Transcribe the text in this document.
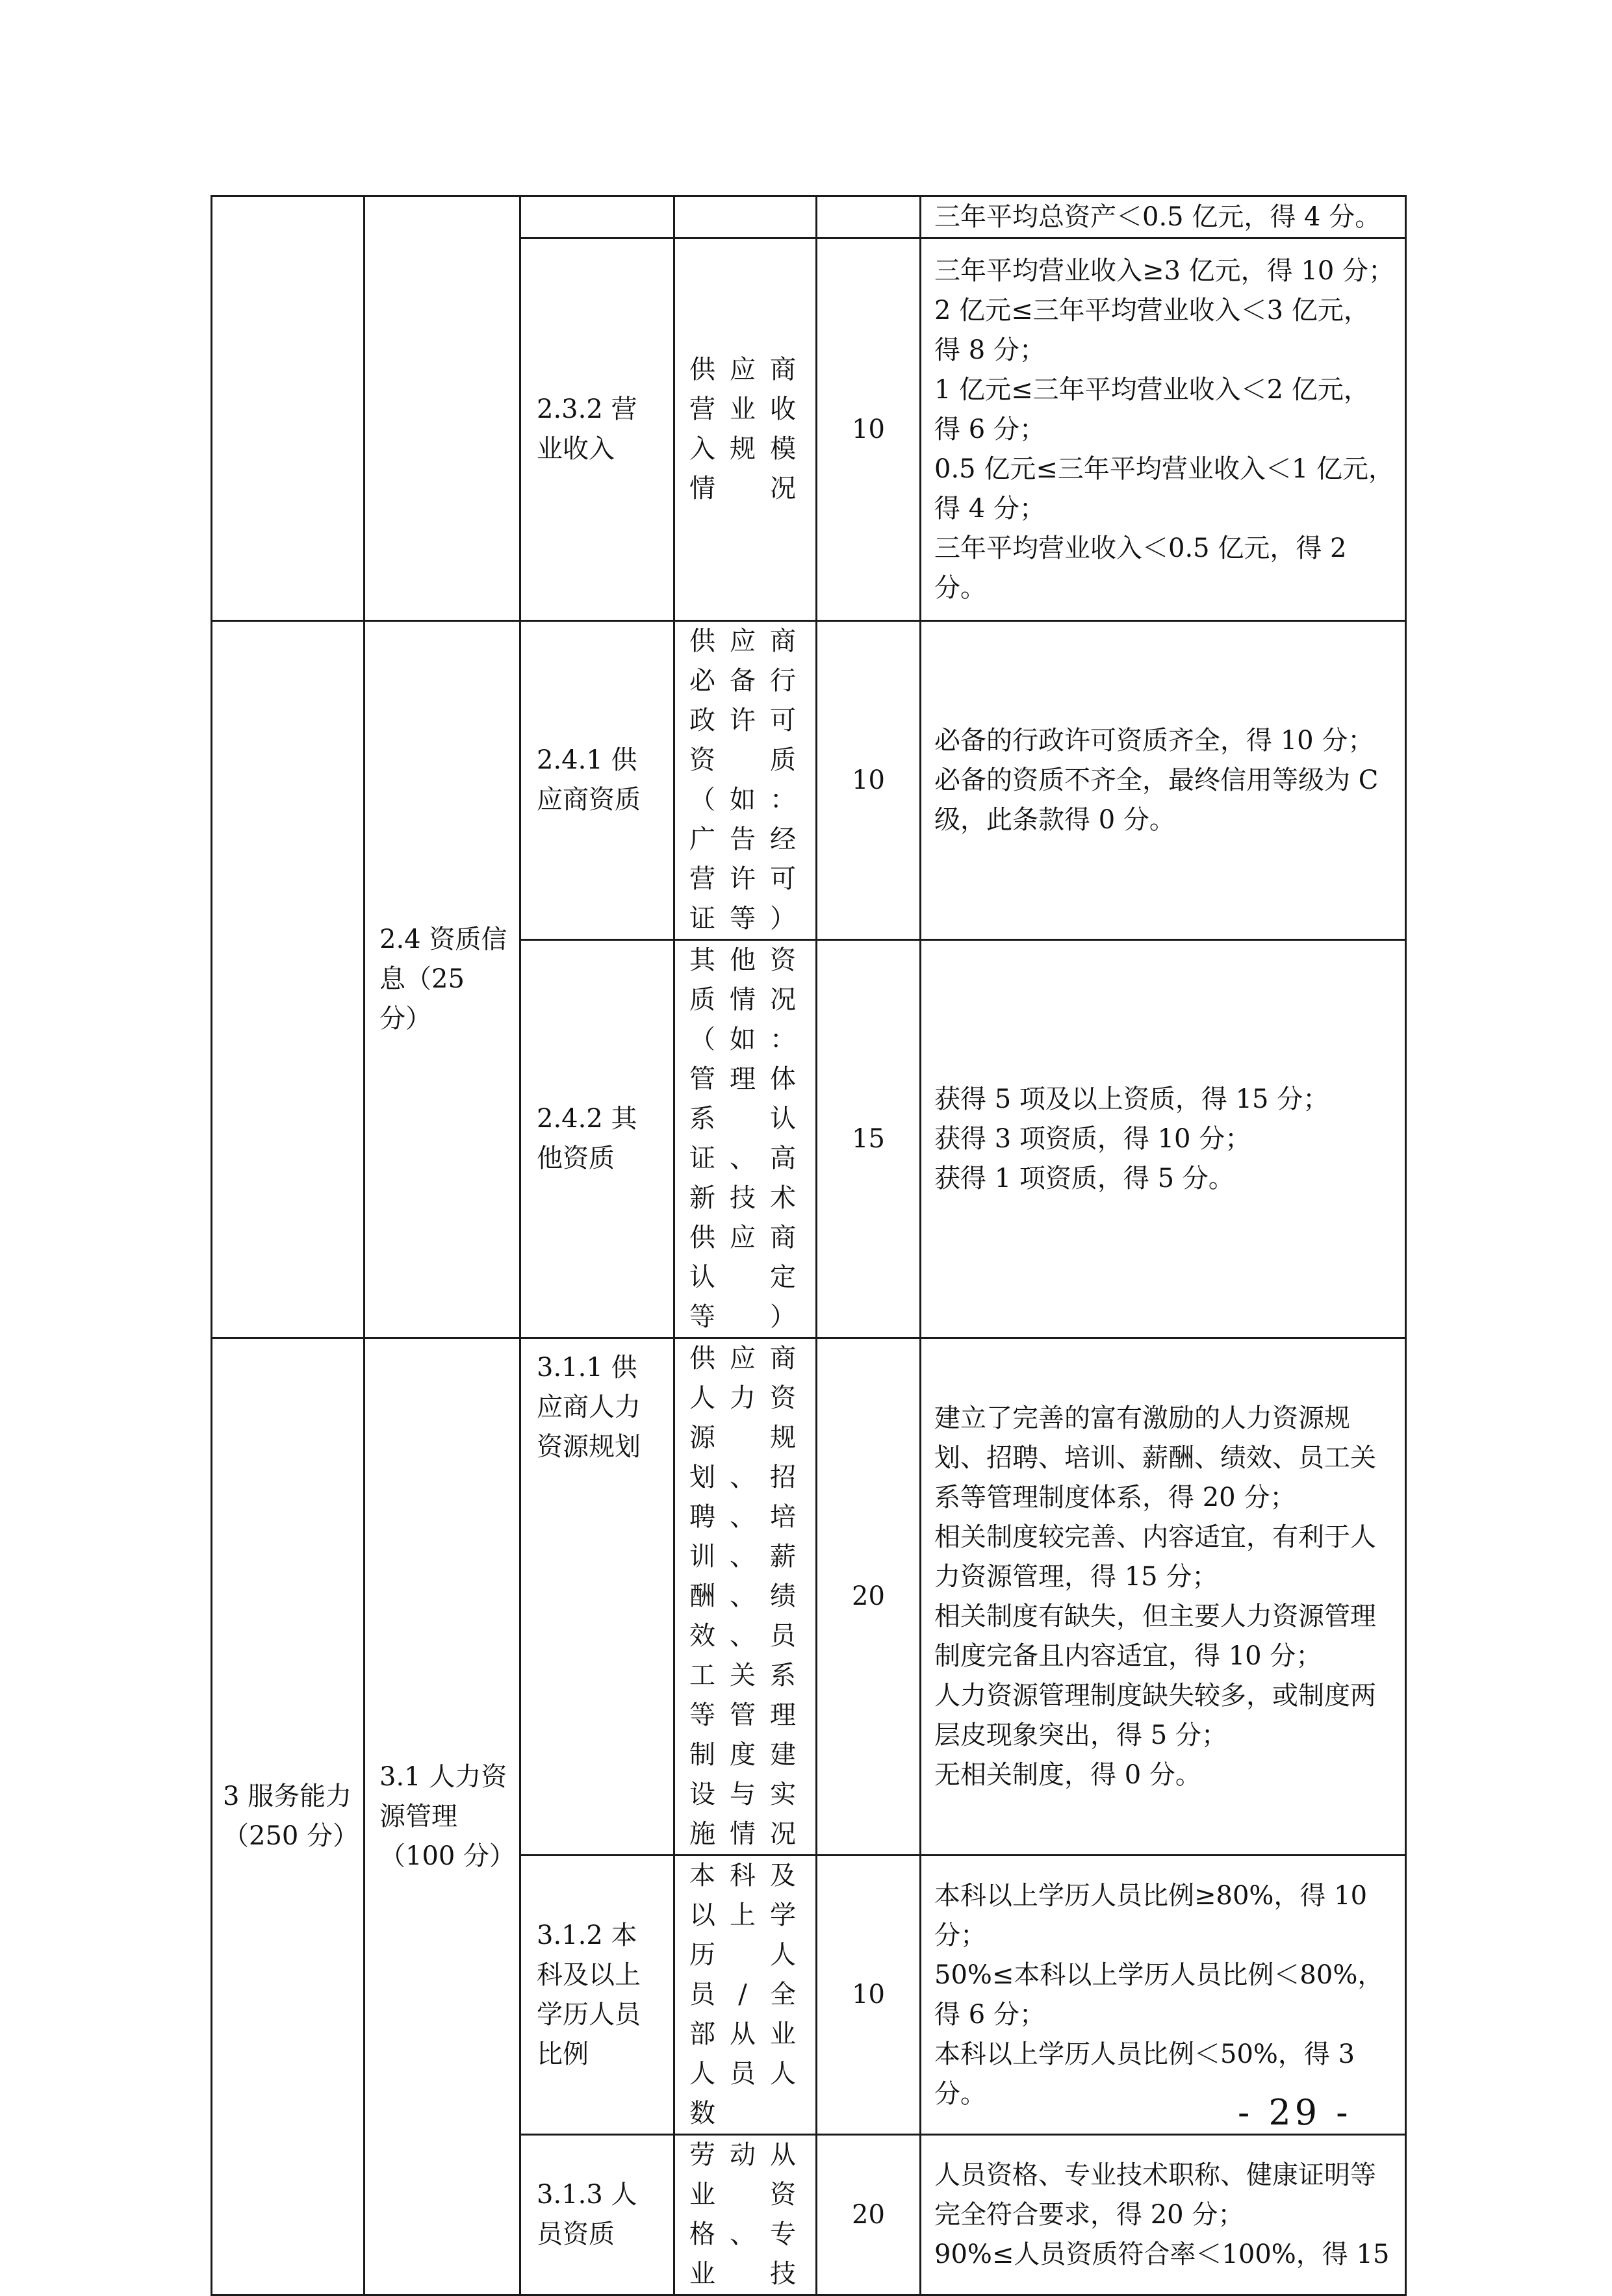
					三年平均总资产＜0.5 亿元，得 4 分。
		2.3.2 营业收入	供应商营业收入规模情况	10	三年平均营业收入≥3 亿元，得 10 分；
2 亿元≤三年平均营业收入＜3 亿元，得 8 分；
1 亿元≤三年平均营业收入＜2 亿元，得 6 分；
0.5 亿元≤三年平均营业收入＜1 亿元，得 4 分；
三年平均营业收入＜0.5 亿元，得 2 分。
	2.4 资质信息（25 分）	2.4.1 供应商资质	供应商必备行政许可资质（如：广告经营许可证等）	10	必备的行政许可资质齐全，得 10 分；
必备的资质不齐全，最终信用等级为 C 级，此条款得 0 分。
		2.4.2 其他资质	其他资质情况（如：管理体系认证、高新技术供应商认定等）	15	获得 5 项及以上资质，得 15 分；
获得 3 项资质，得 10 分；
获得 1 项资质，得 5 分。
3 服务能力（250 分）	3.1 人力资源管理（100 分）	3.1.1 供应商人力资源规划	供应商人力资源规划、招聘、培训、薪酬、绩效、员工关系等管理制度建设与实施情况	20	建立了完善的富有激励的人力资源规划、招聘、培训、薪酬、绩效、员工关系等管理制度体系，得 20 分；
相关制度较完善、内容适宜，有利于人力资源管理，得 15 分；
相关制度有缺失，但主要人力资源管理制度完备且内容适宜，得 10 分；
人力资源管理制度缺失较多，或制度两层皮现象突出，得 5 分；
无相关制度，得 0 分。
		3.1.2 本科及以上学历人员比例	本科及以上学历人员/全部从业人员人数	10	本科以上学历人员比例≥80%，得 10 分；
50%≤本科以上学历人员比例＜80%，得 6 分；
本科以上学历人员比例＜50%，得 3 分。
		3.1.3 人员资质	劳动从业资格、专业技	20	人员资格、专业技术职称、健康证明等完全符合要求，得 20 分；
90%≤人员资质符合率＜100%，得 15
- 29 -
